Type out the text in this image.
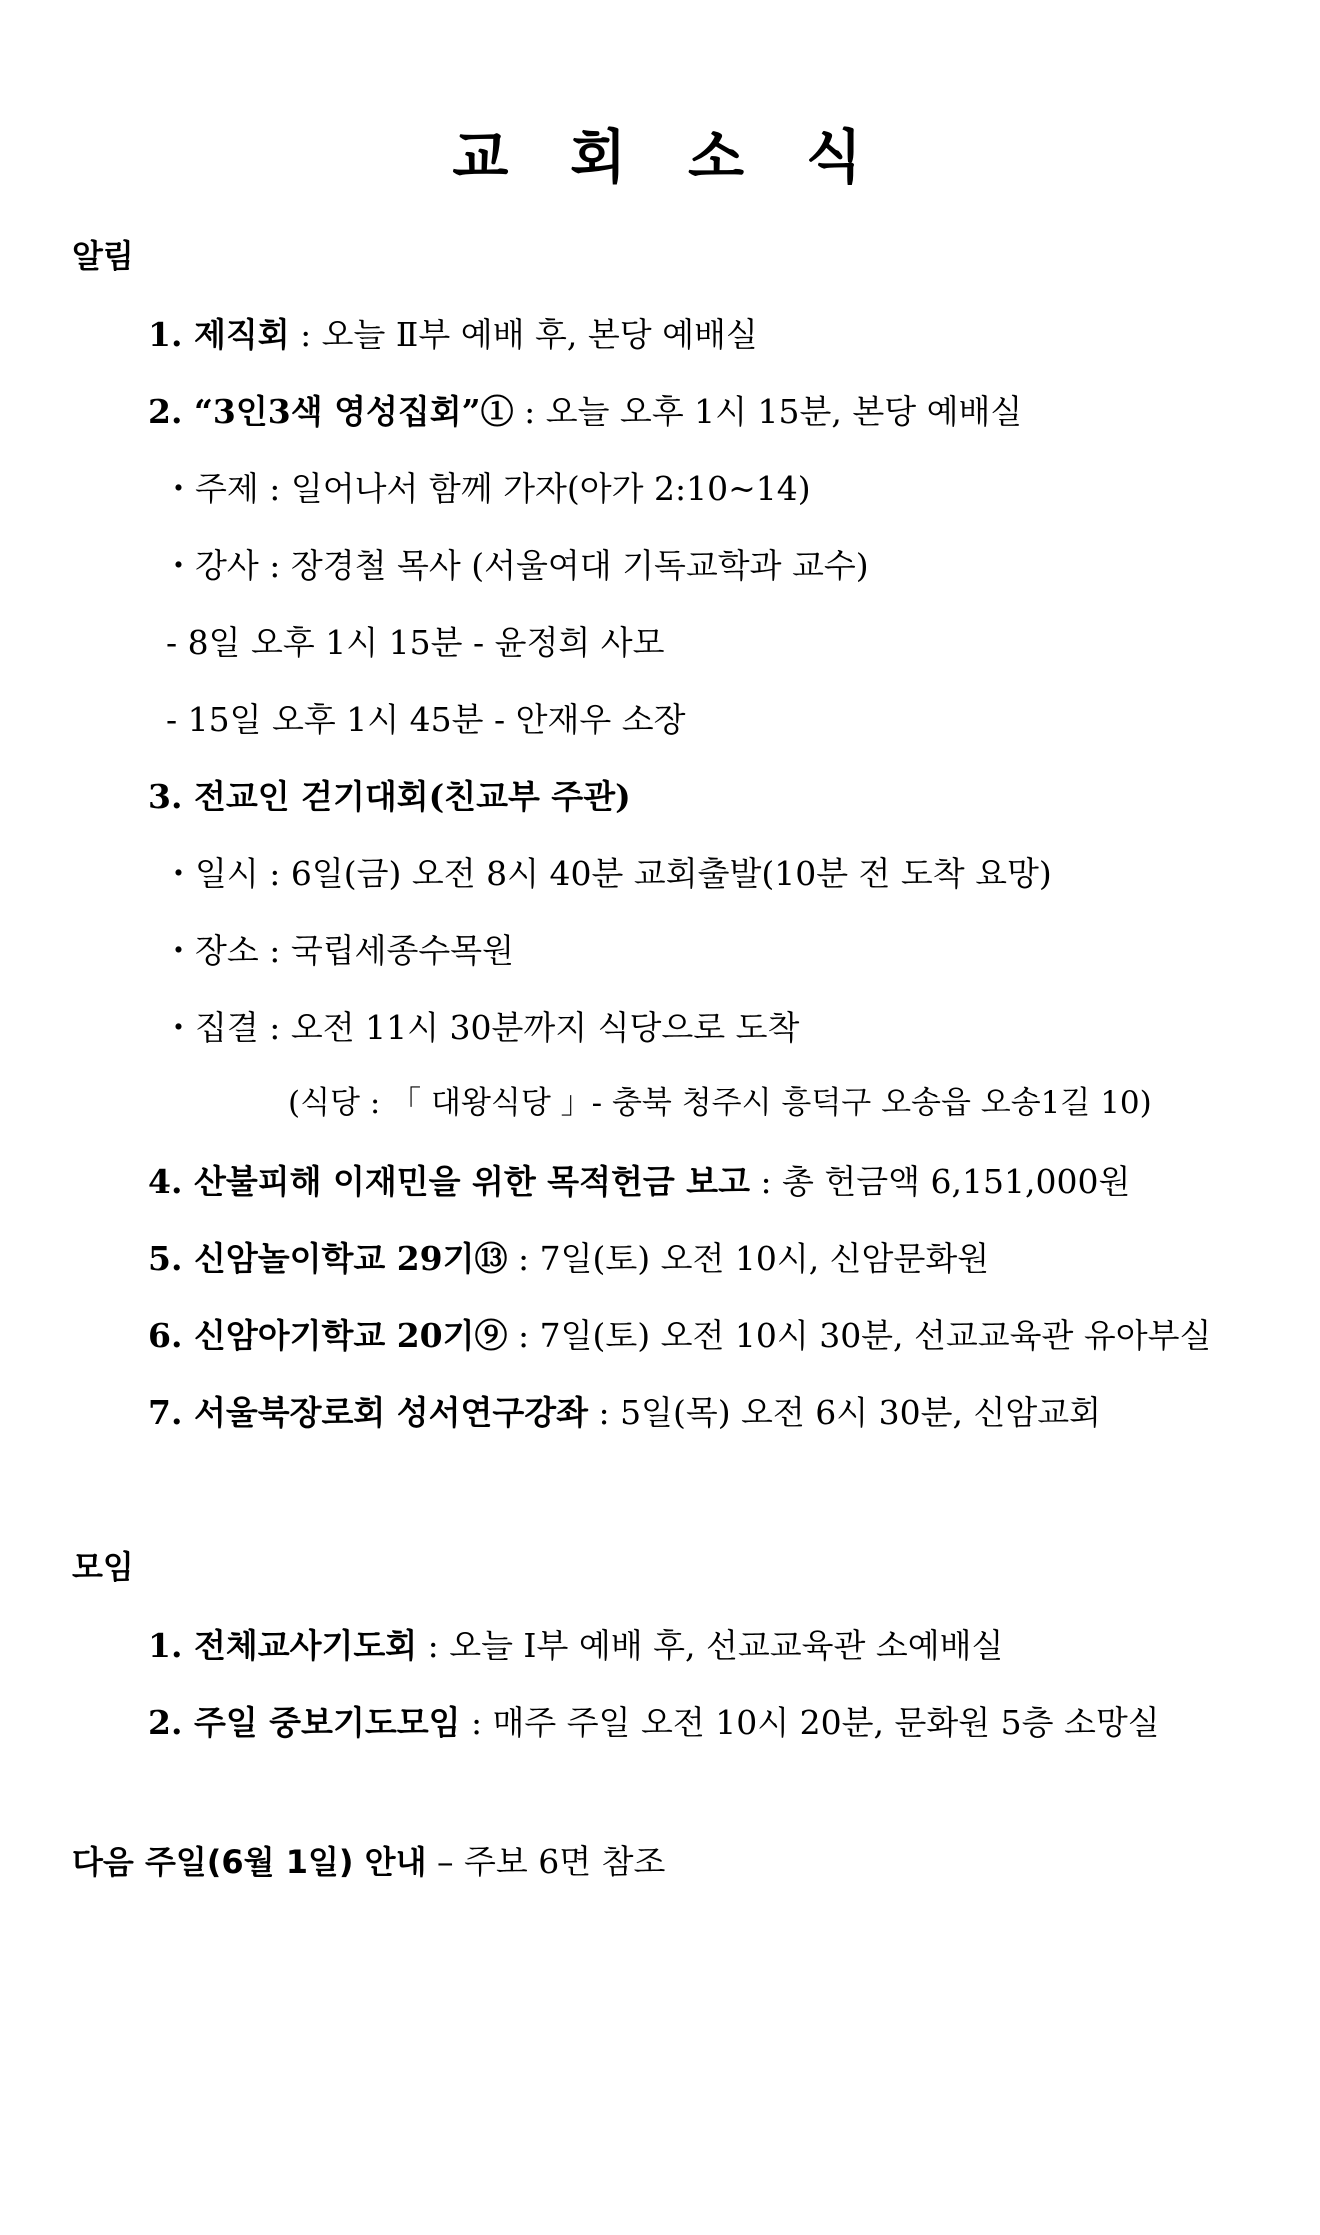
교 회 소 식
알림
1. 제직회 : 오늘 Ⅱ부 예배 후, 본당 예배실
2. “3인3색 영성집회”① : 오늘 오후 1시 15분, 본당 예배실
・주제 : 일어나서 함께 가자(아가 2:10~14)
・강사 : 장경철 목사 (서울여대 기독교학과 교수)
- 8일 오후 1시 15분 - 윤정희 사모
- 15일 오후 1시 45분 - 안재우 소장
3. 전교인 걷기대회(친교부 주관)
・일시 : 6일(금) 오전 8시 40분 교회출발(10분 전 도착 요망)
・장소 : 국립세종수목원
・집결 : 오전 11시 30분까지 식당으로 도착
(식당 : 「 대왕식당 」- 충북 청주시 흥덕구 오송읍 오송1길 10)
4. 산불피해 이재민을 위한 목적헌금 보고 : 총 헌금액 6,151,000원
5. 신암놀이학교 29기⑬ : 7일(토) 오전 10시, 신암문화원
6. 신암아기학교 20기⑨ : 7일(토) 오전 10시 30분, 선교교육관 유아부실
7. 서울북장로회 성서연구강좌 : 5일(목) 오전 6시 30분, 신암교회
모임
1. 전체교사기도회 : 오늘 Ⅰ부 예배 후, 선교교육관 소예배실
2. 주일 중보기도모임 : 매주 주일 오전 10시 20분, 문화원 5층 소망실
다음 주일(6월 1일) 안내 – 주보 6면 참조
